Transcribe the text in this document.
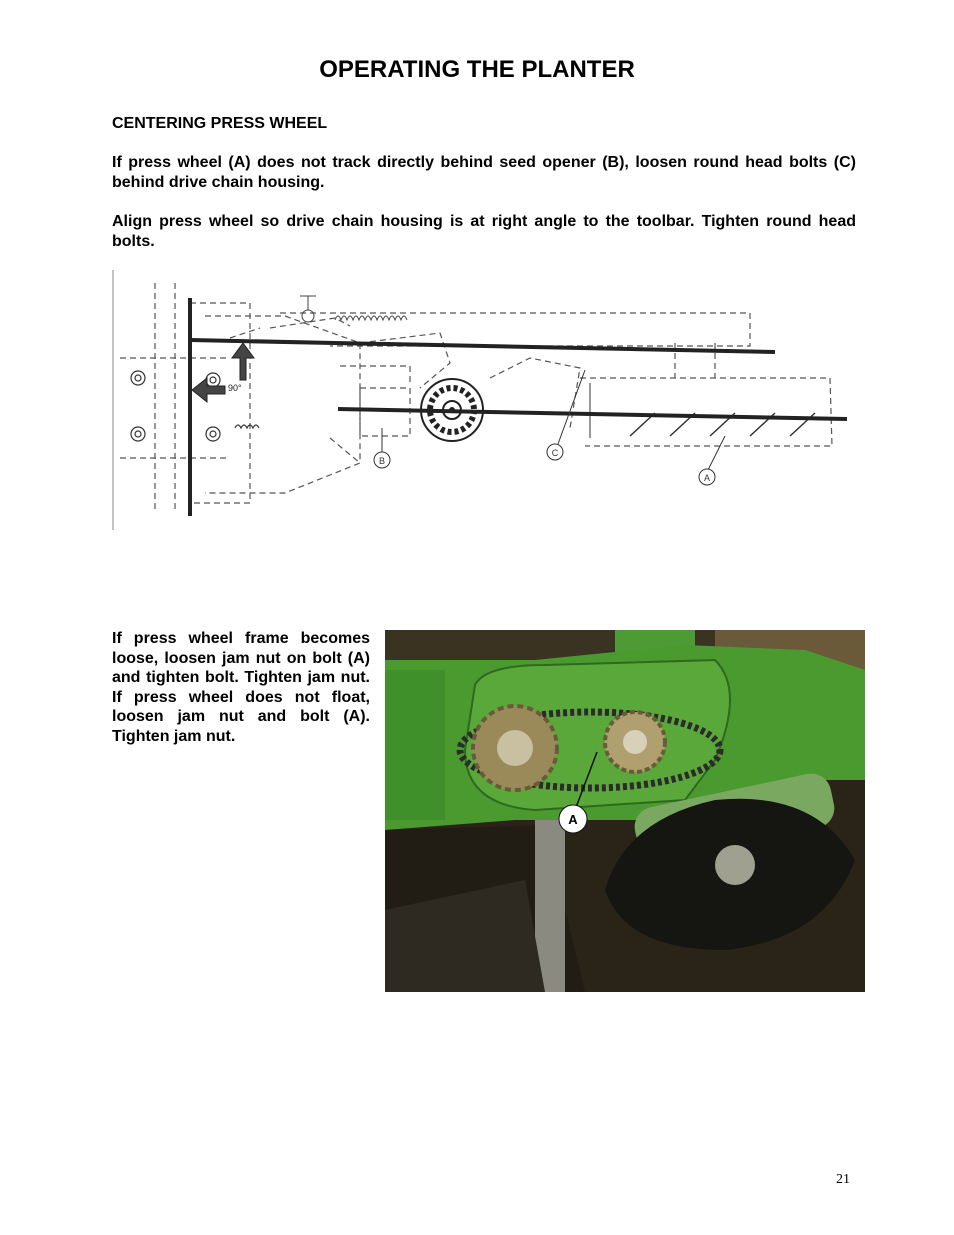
OPERATING THE PLANTER
CENTERING PRESS WHEEL

If press wheel (A) does not track directly behind seed opener (B), loosen round head bolts (C) behind drive chain housing.

Align press wheel so drive chain housing is at right angle to the toolbar. Tighten round head bolts.

90°
B
C
A

If press wheel frame becomes loose, loosen jam nut on bolt (A) and tighten bolt. Tighten jam nut. If press wheel does not float, loosen jam nut and bolt (A). Tighten jam nut.

A
21
